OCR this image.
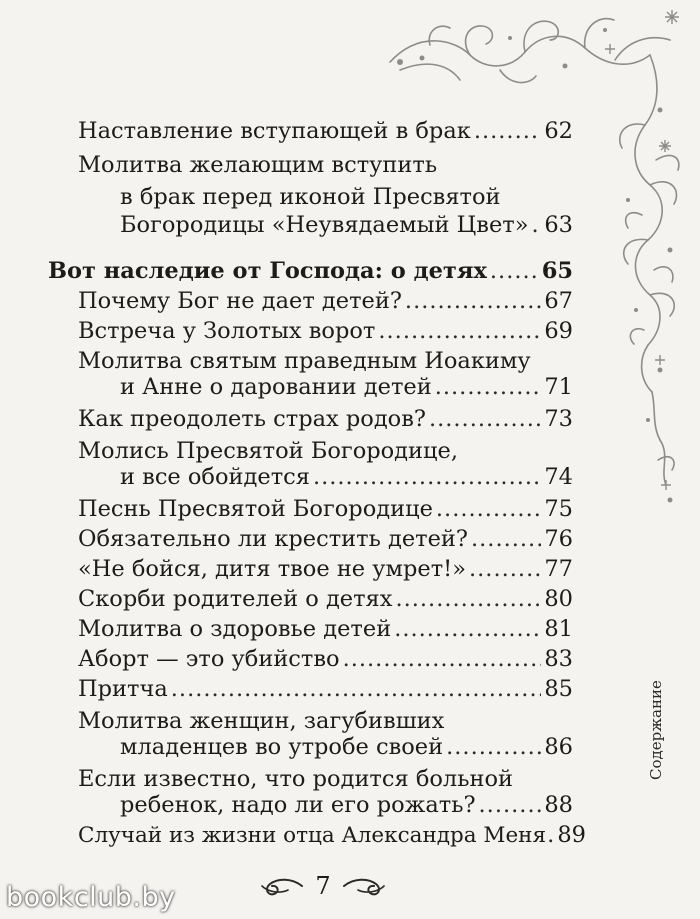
Наставление вступающей в брак .....	62
Молитва желающим вступить
в брак перед иконой Пресвятой
Богородицы «Неувядаемый Цвет» ..... 63
Вот наследие от Господа: о детях ..... 65
Почему Бог не дает детей? .....	67
Встреча у Золотых ворот .....	69
Молитва святым праведным Иоакиму
и Анне о даровании детей .....	71
Как преодолеть страх родов? .....	73
Молись Пресвятой Богородице,
и все обойдется .....	74
Песнь Пресвятой Богородице .....	75
Обязательно ли крестить детей? .....	76
«Не бойся, дитя твое не умрет!» .....	77
Скорби родителей о детях .....	80
Молитва о здоровье детей .....	81
Аборт — это убийство .....	83
Притча .....	85
Молитва женщин, загубивших
младенцев во утробе своей .....	86
Если известно, что родится больной
ребенок, надо ли его рожать? .....	88
Случай из жизни отца Александра Меня ..... 89
Содержание
7
bookclub.by
